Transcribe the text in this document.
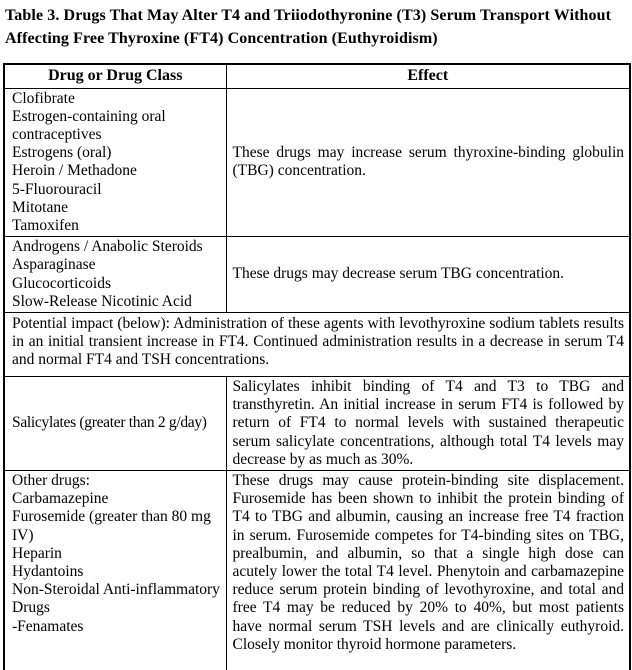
Table 3. Drugs That May Alter T4 and Triiodothyronine (T3) Serum Transport Without Affecting Free Thyroxine (FT4) Concentration (Euthyroidism)
Drug or Drug Class	Effect

Clofibrate
Estrogen-containing oral contraceptives
Estrogens (oral)
Heroin / Methadone
5-Fluorouracil
Mitotane
Tamoxifen
	These drugs may increase serum thyroxine-binding globulin (TBG) concentration.

Androgens / Anabolic Steroids
Asparaginase
Glucocorticoids
Slow-Release Nicotinic Acid	These drugs may decrease serum TBG concentration.
Potential impact (below): Administration of these agents with levothyroxine sodium tablets results in an initial transient increase in FT4. Continued administration results in a decrease in serum T4 and normal FT4 and TSH concentrations.	

Salicylates (greater than 2 g/day)	Salicylates inhibit binding of T4 and T3 to TBG and transthyretin. An initial increase in serum FT4 is followed by return of FT4 to normal levels with sustained therapeutic serum salicylate concentrations, although total T4 levels may decrease by as much as 30%.

Other drugs:
Carbamazepine
Furosemide (greater than 80 mg IV)
Heparin
Hydantoins
Non-Steroidal Anti-inflammatory Drugs
-Fenamates
	These drugs may cause protein-binding site displacement. Furosemide has been shown to inhibit the protein binding of T4 to TBG and albumin, causing an increase free T4 fraction in serum. Furosemide competes for T4-binding sites on TBG, prealbumin, and albumin, so that a single high dose can acutely lower the total T4 level. Phenytoin and carbamazepine reduce serum protein binding of levothyroxine, and total and free T4 may be reduced by 20% to 40%, but most patients have normal serum TSH levels and are clinically euthyroid. Closely monitor thyroid hormone parameters.
